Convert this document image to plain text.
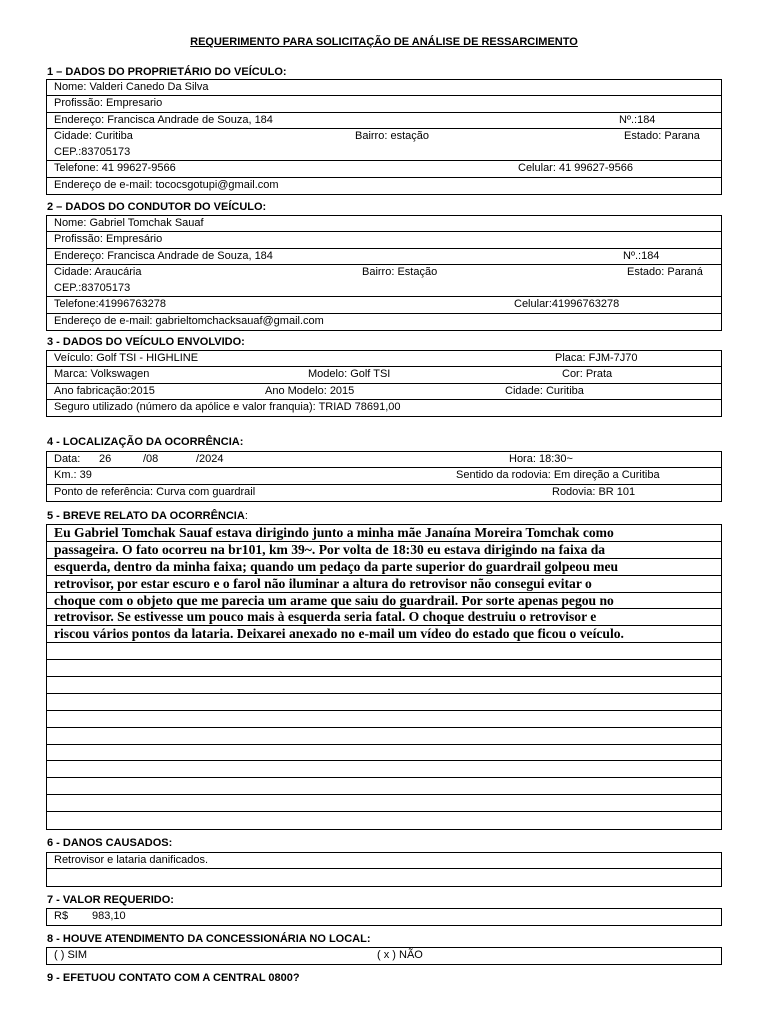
REQUERIMENTO PARA SOLICITAÇÃO DE ANÁLISE DE RESSARCIMENTO
1 – DADOS DO PROPRIETÁRIO DO VEÍCULO:
Nome: Valderi Canedo Da Silva
Profissão: Empresario
Endereço: Francisca Andrade de Souza, 184	Nº.:184
Cidade: Curitiba	Bairro: estação	Estado: Parana
CEP.:83705173
Telefone: 41 99627-9566	Celular: 41 99627-9566
Endereço de e-mail: tococsgotupi@gmail.com
2 – DADOS DO CONDUTOR DO VEÍCULO:
Nome: Gabriel Tomchak Sauaf
Profissão: Empresário
Endereço: Francisca Andrade de Souza, 184	Nº.:184
Cidade: Araucária	Bairro: Estação	Estado: Paraná
CEP.:83705173
Telefone:41996763278	Celular:41996763278
Endereço de e-mail: gabrieltomchacksauaf@gmail.com
3 - DADOS DO VEÍCULO ENVOLVIDO:
Veículo: Golf TSI - HIGHLINE	Placa: FJM-7J70
Marca: Volkswagen	Modelo: Golf TSI	Cor: Prata
Ano fabricação:2015	Ano Modelo: 2015	Cidade: Curitiba
Seguro utilizado (número da apólice e valor franquia): TRIAD 78691,00
4 - LOCALIZAÇÃO DA OCORRÊNCIA:
Data: 26	/08	/2024	Hora: 18:30~
Km.: 39	Sentido da rodovia: Em direção a Curitiba
Ponto de referência: Curva com guardrail	Rodovia: BR 101
5 - BREVE RELATO DA OCORRÊNCIA:
Eu Gabriel Tomchak Sauaf estava dirigindo junto a minha mãe Janaína Moreira Tomchak como
passageira. O fato ocorreu na br101, km 39~. Por volta de 18:30 eu estava dirigindo na faixa da
esquerda, dentro da minha faixa; quando um pedaço da parte superior do guardrail golpeou meu
retrovisor, por estar escuro e o farol não iluminar a altura do retrovisor não consegui evitar o
choque com o objeto que me parecia um arame que saiu do guardrail. Por sorte apenas pegou no
retrovisor. Se estivesse um pouco mais à esquerda seria fatal. O choque destruiu o retrovisor e
riscou vários pontos da lataria. Deixarei anexado no e-mail um vídeo do estado que ficou o veículo.
6 - DANOS CAUSADOS:
Retrovisor e lataria danificados.
7 - VALOR REQUERIDO:
R$ 983,10
8 - HOUVE ATENDIMENTO DA CONCESSIONÁRIA NO LOCAL:
( ) SIM	( x ) NÃO
9 - EFETUOU CONTATO COM A CENTRAL 0800?
